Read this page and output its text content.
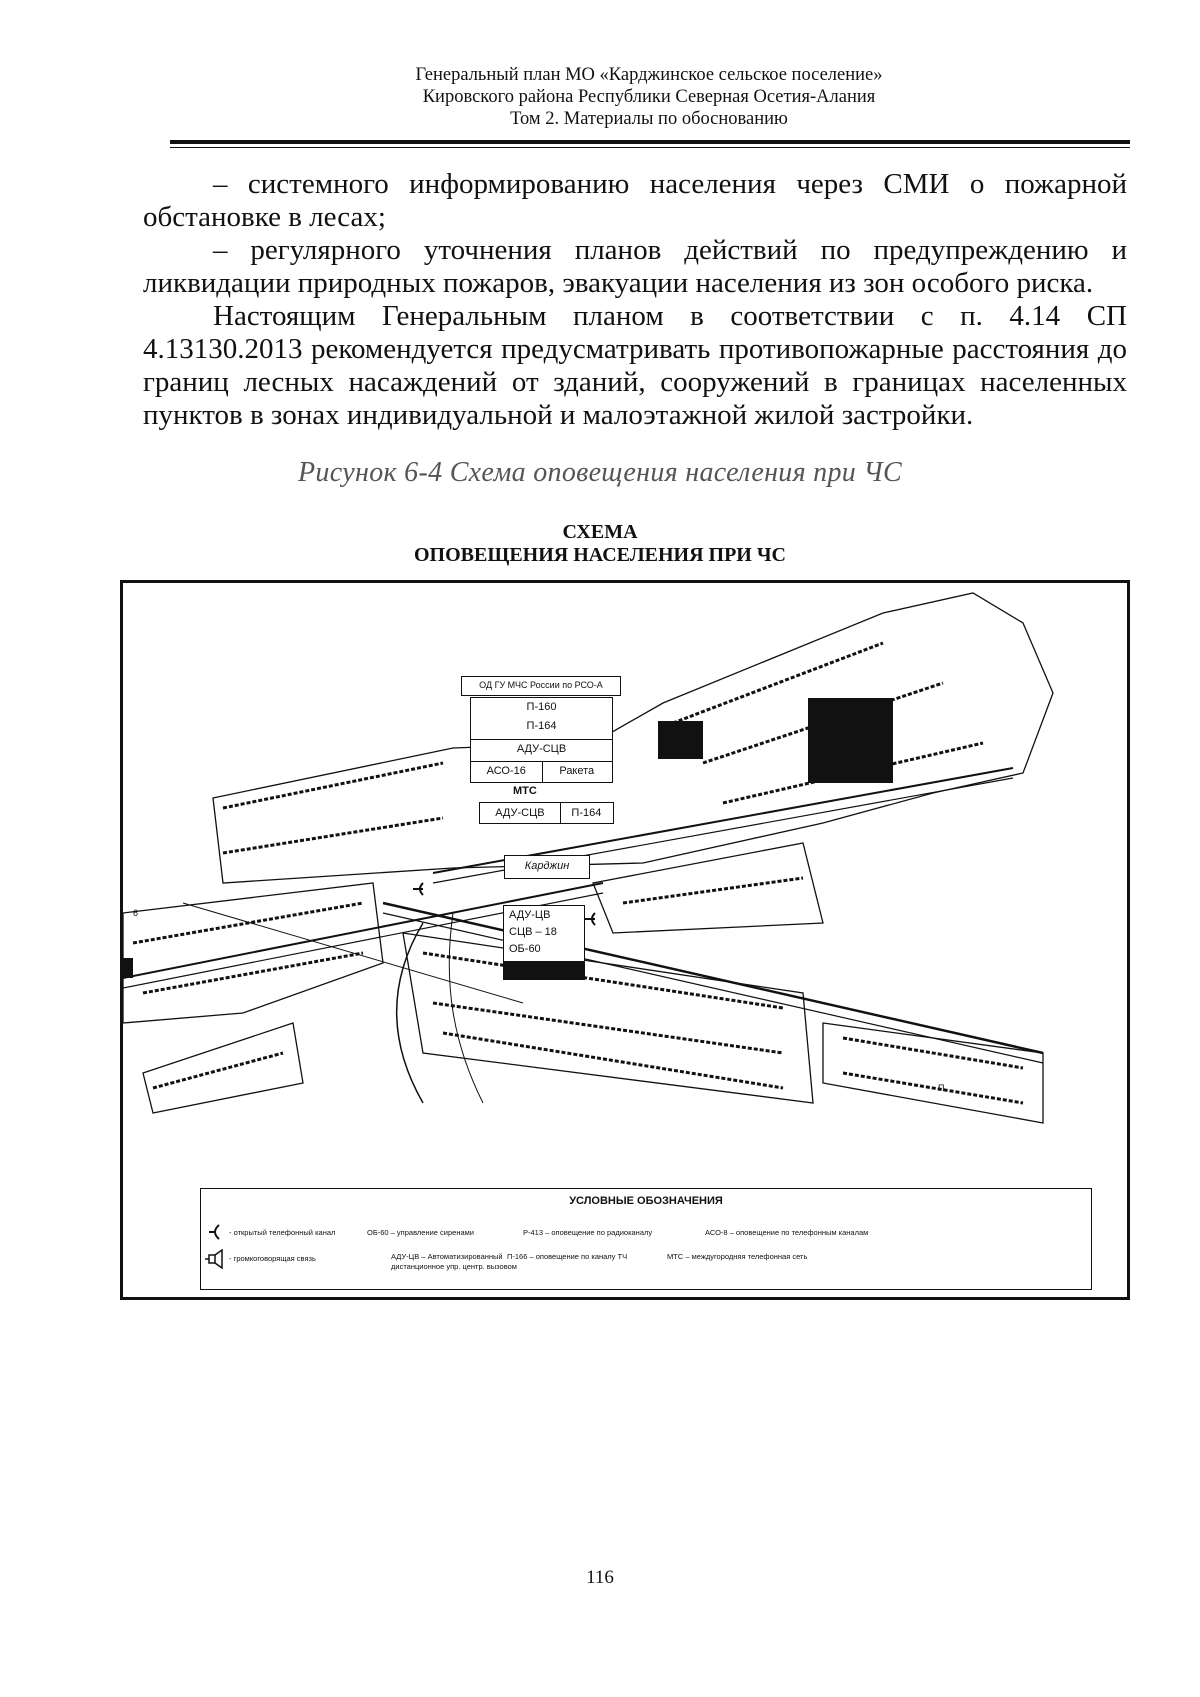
Генеральный план МО «Карджинское сельское поселение»
Кировского района Республики Северная Осетия-Алания
Том 2. Материалы по обоснованию

– системного информированию населения через СМИ о пожарной

обстановке в лесах;

– регулярного уточнения планов действий по предупреждению и

ликвидации природных пожаров, эвакуации населения из зон особого риска.

Настоящим Генеральным планом в соответствии с п. 4.14 СП

4.13130.2013 рекомендуется предусматривать противопожарные расстояния до

границ лесных насаждений от зданий, сооружений в границах населенных

пунктов в зонах индивидуальной и малоэтажной жилой застройки.

Рисунок 6-4 Схема оповещения населения при ЧС
СХЕМА
ОПОВЕЩЕНИЯ НАСЕЛЕНИЯ ПРИ ЧС
6
П
ОД ГУ МЧС России по РСО-А
П-160
П-164
АДУ-СЦВ
АСО-16	Ракета
МТС
АДУ-СЦВ	П-164
Карджин
АДУ-ЦВ
СЦВ – 18
ОБ-60
УСЛОВНЫЕ ОБОЗНАЧЕНИЯ
- открытый телефонный канал	ОБ-60 – управление сиренами	Р-413 – оповещение по радиоканалу	АСО-8 – оповещение по телефонным каналам
- громкоговорящая связь	АДУ-ЦВ – Автоматизированный
дистанционное упр. центр. вызовом
П-166 – оповещение по каналу ТЧ	МТС – междугородняя телефонная сеть
116
